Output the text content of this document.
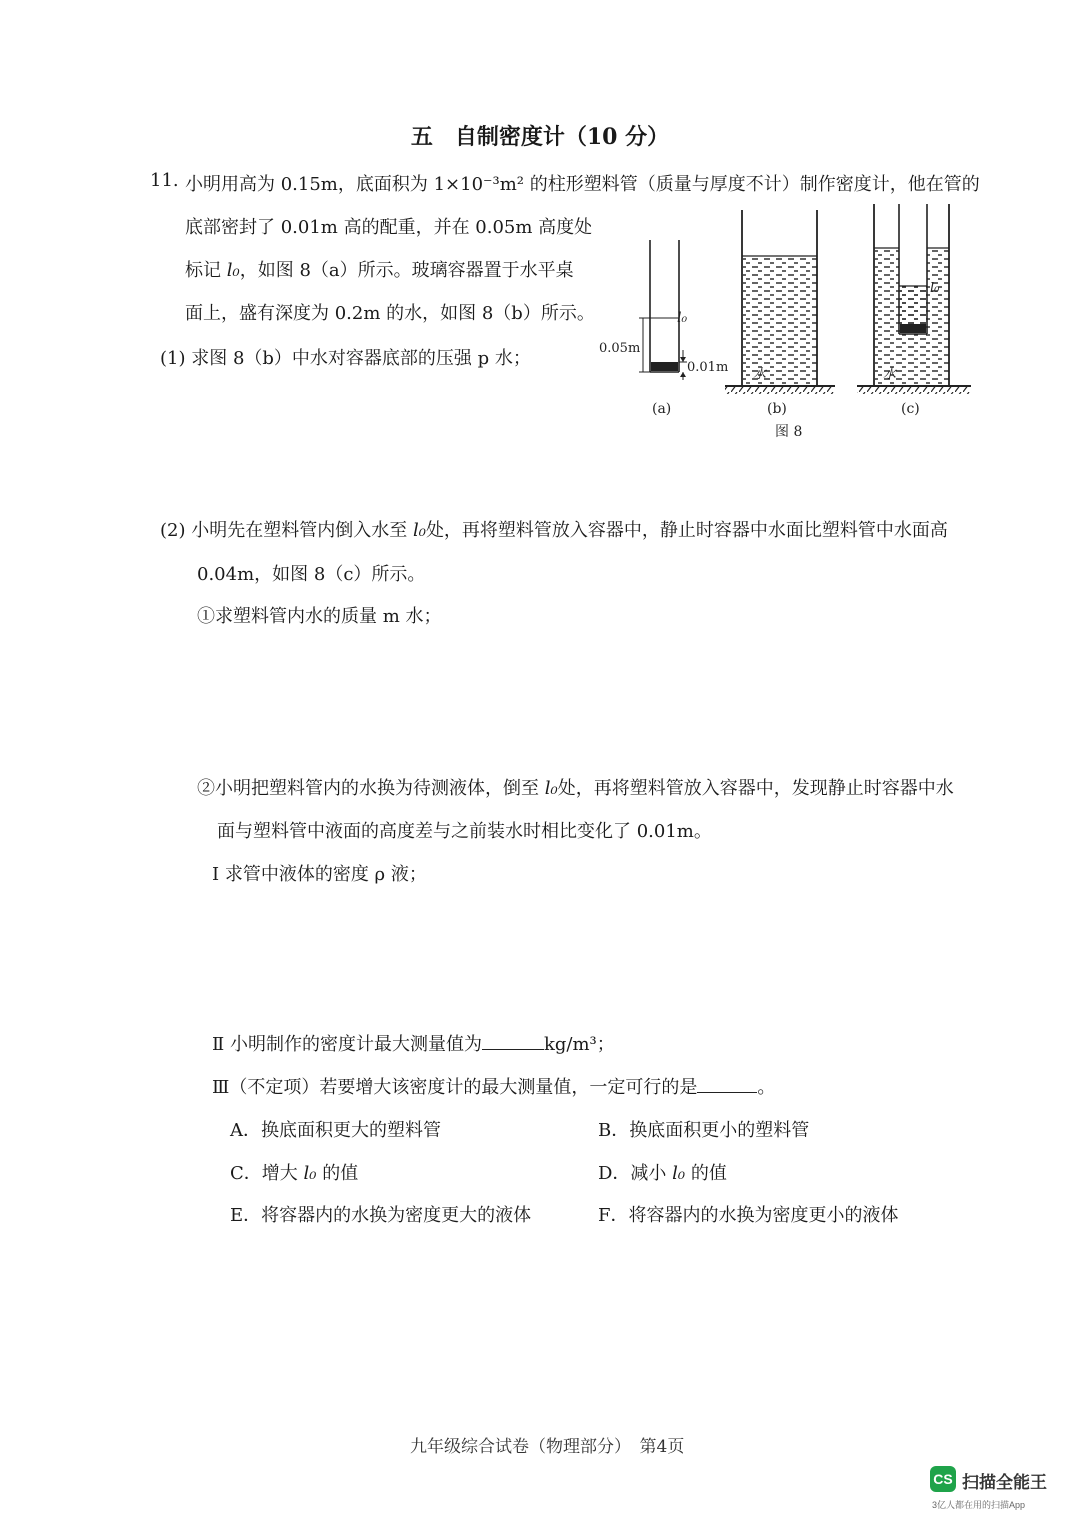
五　自制密度计（10 分）
11. 小明用高为 0.15m，底面积为 1×10⁻³m² 的柱形塑料管（质量与厚度不计）制作密度计，他在管的
底部密封了 0.01m 高的配重，并在 0.05m 高度处
标记 l₀，如图 8（a）所示。玻璃容器置于水平桌
面上，盛有深度为 0.2m 的水，如图 8（b）所示。
(1) 求图 8（b）中水对容器底部的压强 p 水；
l₀
0.05m
0.01m
(a)
水
(b)
l₀
水
(c)
图 8
(2) 小明先在塑料管内倒入水至 l₀处，再将塑料管放入容器中，静止时容器中水面比塑料管中水面高
0.04m，如图 8（c）所示。
①求塑料管内水的质量 m 水；
②小明把塑料管内的水换为待测液体，倒至 l₀处，再将塑料管放入容器中，发现静止时容器中水
面与塑料管中液面的高度差与之前装水时相比变化了 0.01m。
Ⅰ 求管中液体的密度 ρ 液；
Ⅱ 小明制作的密度计最大测量值为	kg/m³；
Ⅲ（不定项）若要增大该密度计的最大测量值，一定可行的是	。
A．换底面积更大的塑料管	B．换底面积更小的塑料管
C．增大 l₀ 的值	D．减小 l₀ 的值
E．将容器内的水换为密度更大的液体	F．将容器内的水换为密度更小的液体
九年级综合试卷（物理部分）　第4页
CS 扫描全能王
3亿人都在用的扫描App
